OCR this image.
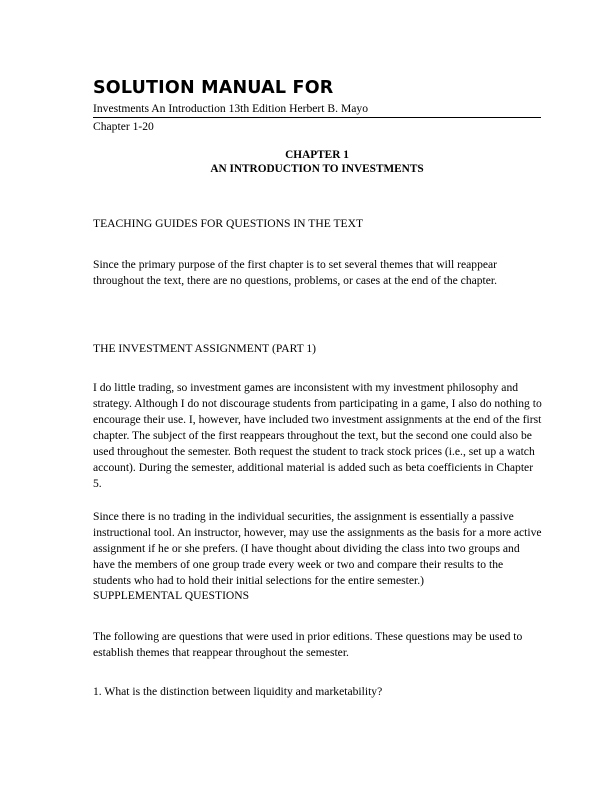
SOLUTION MANUAL FOR
Investments An Introduction 13th Edition Herbert B. Mayo
Chapter 1-20
CHAPTER 1
AN INTRODUCTION TO INVESTMENTS
TEACHING GUIDES FOR QUESTIONS IN THE TEXT
Since the primary purpose of the first chapter is to set several themes that will reappear throughout the text, there are no questions, problems, or cases at the end of the chapter.
THE INVESTMENT ASSIGNMENT (PART 1)
I do little trading, so investment games are inconsistent with my investment philosophy and strategy. Although I do not discourage students from participating in a game, I also do nothing to encourage their use. I, however, have included two investment assignments at the end of the first chapter. The subject of the first reappears throughout the text, but the second one could also be used throughout the semester. Both request the student to track stock prices (i.e., set up a watch account). During the semester, additional material is added such as beta coefficients in Chapter 5.
Since there is no trading in the individual securities, the assignment is essentially a passive instructional tool. An instructor, however, may use the assignments as the basis for a more active assignment if he or she prefers. (I have thought about dividing the class into two groups and have the members of one group trade every week or two and compare their results to the students who had to hold their initial selections for the entire semester.)
SUPPLEMENTAL QUESTIONS
The following are questions that were used in prior editions. These questions may be used to establish themes that reappear throughout the semester.
1. What is the distinction between liquidity and marketability?
